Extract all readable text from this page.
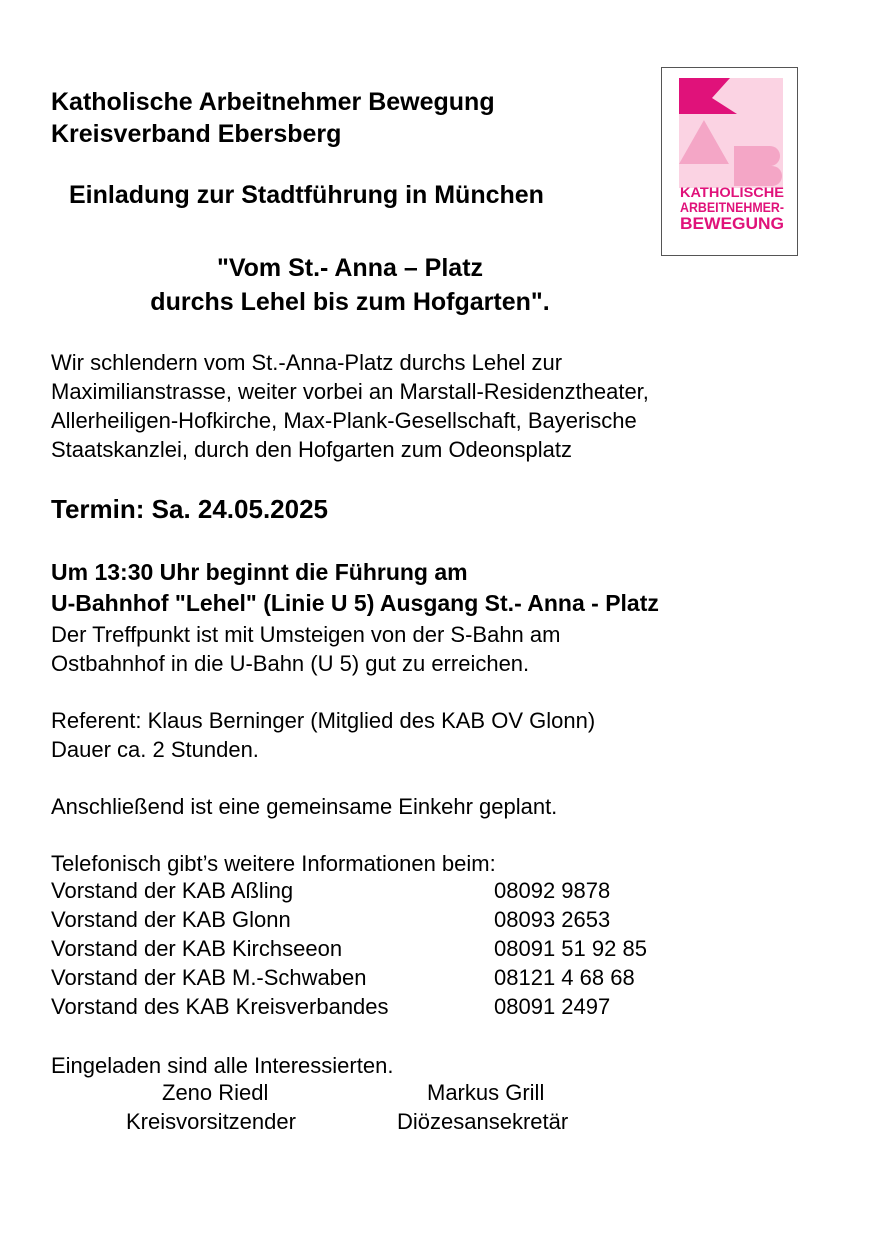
Katholische Arbeitnehmer Bewegung
Kreisverband Ebersberg
Einladung zur Stadtführung in München	KATHOLISCHE
ARBEITNEHMER-
BEWEGUNG
"Vom St.- Anna – Platz
durchs Lehel bis zum Hofgarten".
Wir schlendern vom St.-Anna-Platz durchs Lehel zur
Maximilianstrasse, weiter vorbei an Marstall-Residenztheater,
Allerheiligen-Hofkirche, Max-Plank-Gesellschaft, Bayerische
Staatskanzlei, durch den Hofgarten zum Odeonsplatz
Termin: Sa. 24.05.2025
Um 13:30 Uhr beginnt die Führung am
U-Bahnhof "Lehel" (Linie U 5) Ausgang St.- Anna - Platz
Der Treffpunkt ist mit Umsteigen von der S-Bahn am
Ostbahnhof in die U-Bahn (U 5) gut zu erreichen.
Referent: Klaus Berninger (Mitglied des KAB OV Glonn)
Dauer ca. 2 Stunden.
Anschließend ist eine gemeinsame Einkehr geplant.
Telefonisch gibt’s weitere Informationen beim:
Vorstand der KAB Aßling	08092 9878
Vorstand der KAB Glonn	08093 2653
Vorstand der KAB Kirchseeon	08091 51 92 85
Vorstand der KAB M.-Schwaben	08121 4 68 68
Vorstand des KAB Kreisverbandes	08091 2497
Eingeladen sind alle Interessierten.
Zeno Riedl	Markus Grill
Kreisvorsitzender	Diözesansekretär
